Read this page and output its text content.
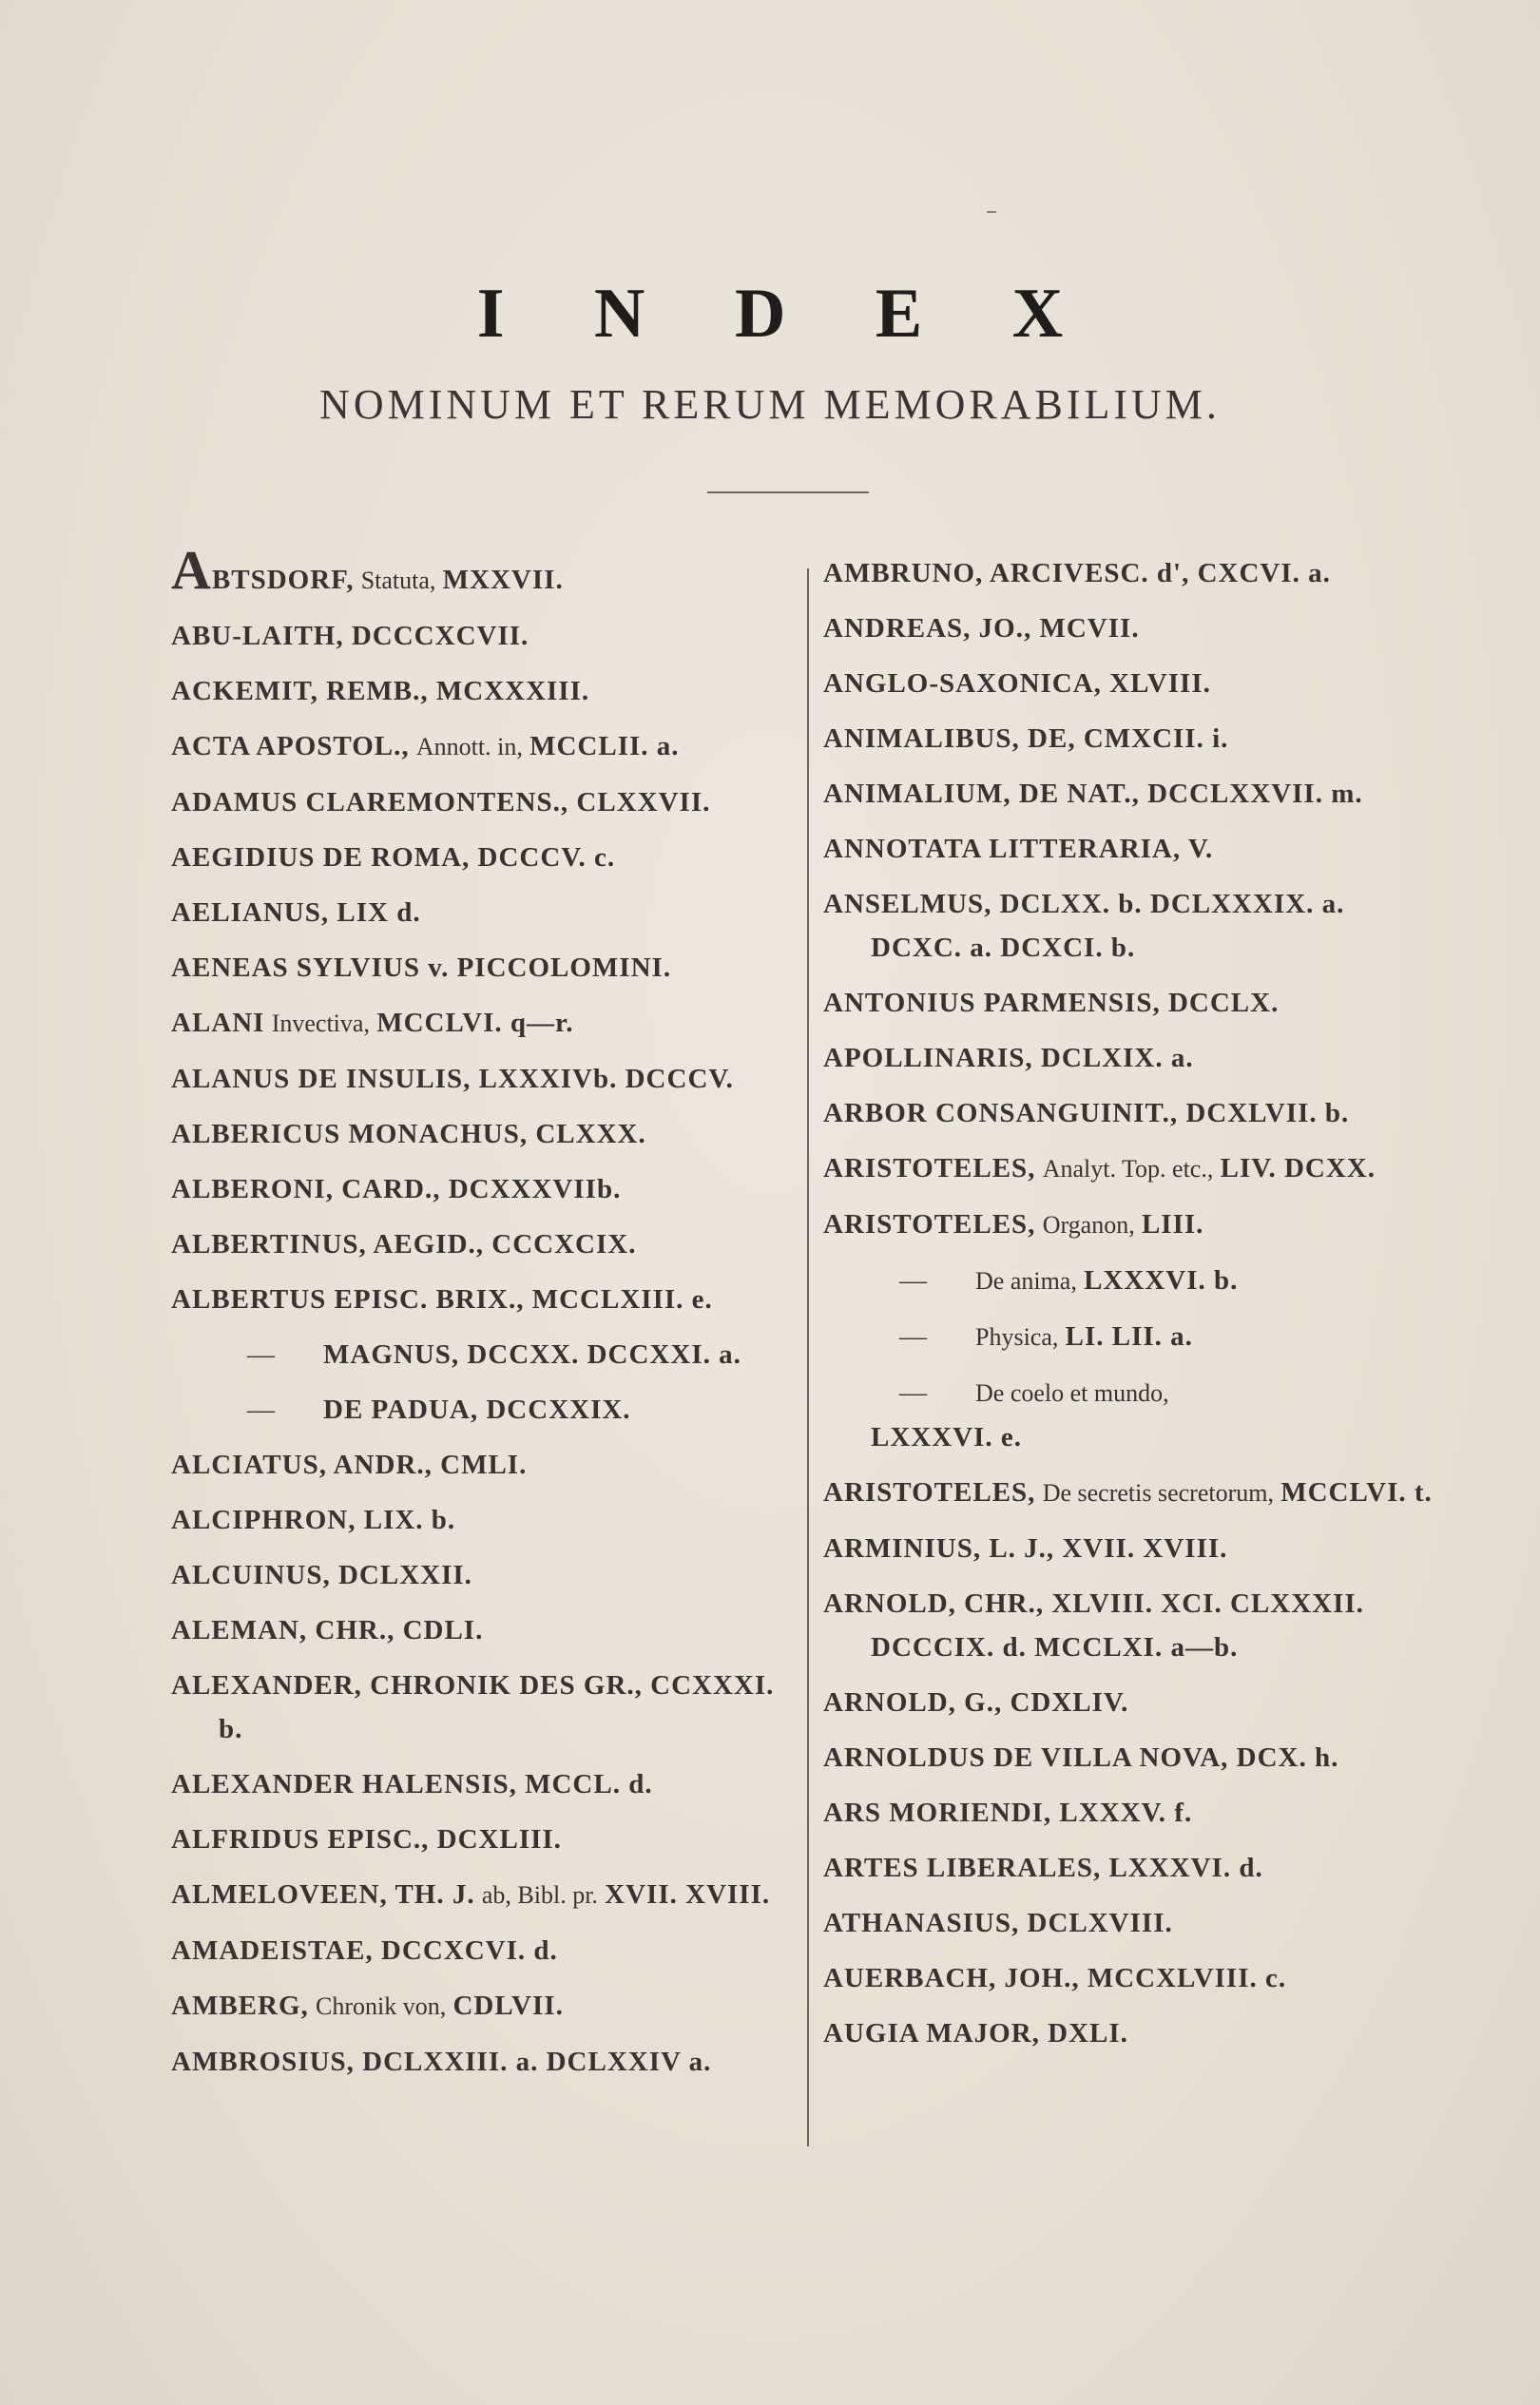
I N D E X
NOMINUM ET RERUM MEMORABILIUM.
ABTSDORF, Statuta, MXXVII.
ABU-LAITH, DCCCXCVII.
ACKEMIT, REMB., MCXXXIII.
ACTA APOSTOL., Annott. in, MCCLII. a.
ADAMUS CLAREMONTENS., CLXXVII.
AEGIDIUS DE ROMA, DCCCV. c.
AELIANUS, LIX d.
AENEAS SYLVIUS v. PICCOLOMINI.
ALANI Invectiva, MCCLVI. q—r.
ALANUS DE INSULIS, LXXXIVb. DCCCV.
ALBERICUS MONACHUS, CLXXX.
ALBERONI, CARD., DCXXXVIIb.
ALBERTINUS, AEGID., CCCXCIX.
ALBERTUS EPISC. BRIX., MCCLXIII. e.
— MAGNUS, DCCXX. DCCXXI. a.
— DE PADUA, DCCXXIX.
ALCIATUS, ANDR., CMLI.
ALCIPHRON, LIX. b.
ALCUINUS, DCLXXII.
ALEMAN, CHR., CDLI.
ALEXANDER, CHRONIK DES GR., CCXXXI. b.
ALEXANDER HALENSIS, MCCL. d.
ALFRIDUS EPISC., DCXLIII.
ALMELOVEEN, TH. J. ab, Bibl. pr. XVII. XVIII.
AMADEISTAE, DCCXCVI. d.
AMBERG, Chronik von, CDLVII.
AMBROSIUS, DCLXXIII. a. DCLXXIV a.
AMBRUNO, ARCIVESC. d', CXCVI. a.
ANDREAS, JO., MCVII.
ANGLO-SAXONICA, XLVIII.
ANIMALIBUS, DE, CMXCII. i.
ANIMALIUM, DE NAT., DCCLXXVII. m.
ANNOTATA LITTERARIA, V.
ANSELMUS, DCLXX. b. DCLXXXIX. a. DCXC. a. DCXCI. b.
ANTONIUS PARMENSIS, DCCLX.
APOLLINARIS, DCLXIX. a.
ARBOR CONSANGUINIT., DCXLVII. b.
ARISTOTELES, Analyt. Top. etc., LIV. DCXX.
ARISTOTELES, Organon, LIII.
— De anima, LXXXVI. b.
— Physica, LI. LII. a.
— De coelo et mundo,
LXXXVI. e.
ARISTOTELES, De secretis secretorum, MCCLVI. t.
ARMINIUS, L. J., XVII. XVIII.
ARNOLD, CHR., XLVIII. XCI. CLXXXII. DCCCIX. d. MCCLXI. a—b.
ARNOLD, G., CDXLIV.
ARNOLDUS DE VILLA NOVA, DCX. h.
ARS MORIENDI, LXXXV. f.
ARTES LIBERALES, LXXXVI. d.
ATHANASIUS, DCLXVIII.
AUERBACH, JOH., MCCXLVIII. c.
AUGIA MAJOR, DXLI.
